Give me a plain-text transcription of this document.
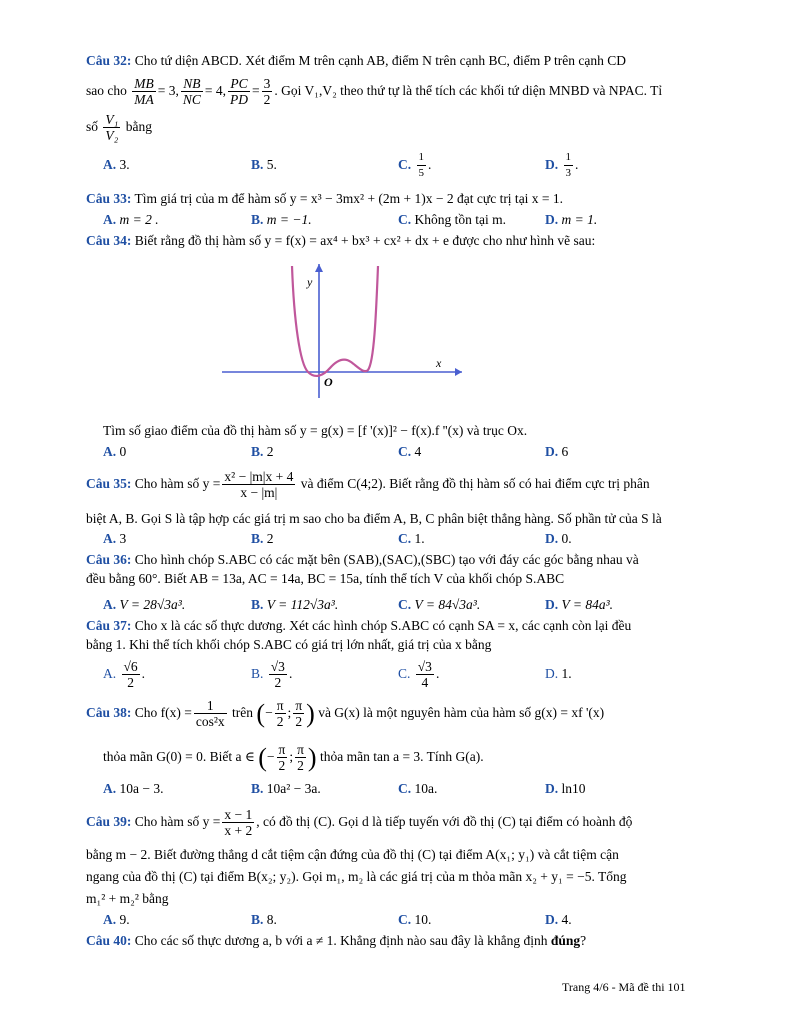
Câu 32: Cho tứ diện ABCD. Xét điểm M trên cạnh AB, điểm N trên cạnh BC, điểm P trên cạnh CD
sao cho $\frac{MB}{MA} = 3$, $\frac{NB}{NC} = 4$, $\frac{PC}{PD} = \frac{3}{2}$ . Gọi V₁,V₂ theo thứ tự là thể tích các khối tứ diện MNBD và NPAC. Tỉ
số $\frac{\text{V₁}}{\text{V₂}}$ bằng
A. 3.	B. 5.	C. $\frac{1}{5}$ .	D. $\frac{1}{3}$ .
Câu 33: Tìm giá trị của m để hàm số y = x³ − 3mx² + (2m + 1)x − 2 đạt cực trị tại x = 1.
A. m = 2 .	B. m = −1.	C. Không tồn tại m.	D. m = 1.
Câu 34: Biết rằng đồ thị hàm số y = f(x) = ax⁴ + bx³ + cx² + dx + e được cho như hình vẽ sau:
y
x
O
Tìm số giao điểm của đồ thị hàm số y = g(x) = [f '(x)]² − f(x).f ''(x) và trục Ox.
A. 0	B. 2	C. 4	D. 6
Câu 35: Cho hàm số $y = \frac{\text{x² − |m|x + 4}}{x - |m|}$ và điểm C(4;2). Biết rằng đồ thị hàm số có hai điểm cực trị phân
biệt A, B. Gọi S là tập hợp các giá trị m sao cho ba điểm A, B, C phân biệt thẳng hàng. Số phần tử của S là
A. 3	B. 2	C. 1.	D. 0.
Câu 36: Cho hình chóp S.ABC có các mặt bên (SAB),(SAC),(SBC) tạo với đáy các góc bằng nhau và
đều bằng 60°. Biết AB = 13a, AC = 14a, BC = 15a, tính thể tích V của khối chóp S.ABC
A. V = 28√3a³.	B. V = 112√3a³.	C. V = 84√3a³.	D. V = 84a³.
Câu 37: Cho x là các số thực dương. Xét các hình chóp S.ABC có cạnh SA = x, các cạnh còn lại đều
bằng 1. Khi thể tích khối chóp S.ABC có giá trị lớn nhất, giá trị của x bằng
A. $\frac{√6}{2}$ .	B. $\frac{√3}{2}$ .	C. $\frac{√3}{4}$ .	D. 1.
Câu 38: Cho $f(x) = \frac{1}{\text{cos²x}}$ trên (− $\frac{\pi}{2}$ ; $\frac{\pi}{2}$ ) và G(x) là một nguyên hàm của hàm số g(x) = xf '(x)
thỏa mãn G(0) = 0. Biết a ∈ (− $\frac{\pi}{2}$ ; $\frac{\pi}{2}$ ) thỏa mãn tan a = 3. Tính G(a).
A. 10a − 3.	B. 10a² − 3a.	C. 10a.	D. ln10
Câu 39: Cho hàm số $y = \frac{x - 1}{x + 2}$ , có đồ thị (C). Gọi d là tiếp tuyến với đồ thị (C) tại điểm có hoành độ
bằng m − 2. Biết đường thẳng d cắt tiệm cận đứng của đồ thị (C) tại điểm A(x₁; y₁) và cắt tiệm cận
ngang của đồ thị (C) tại điểm B(x₂; y₂). Gọi m₁, m₂ là các giá trị của m thỏa mãn x₂ + y₁ = −5. Tổng
m₁² + m₂² bằng
A. 9.	B. 8.	C. 10.	D. 4.
Câu 40: Cho các số thực dương a, b với a ≠ 1. Khẳng định nào sau đây là khẳng định đúng?
Trang 4/6 - Mã đề thi 101
